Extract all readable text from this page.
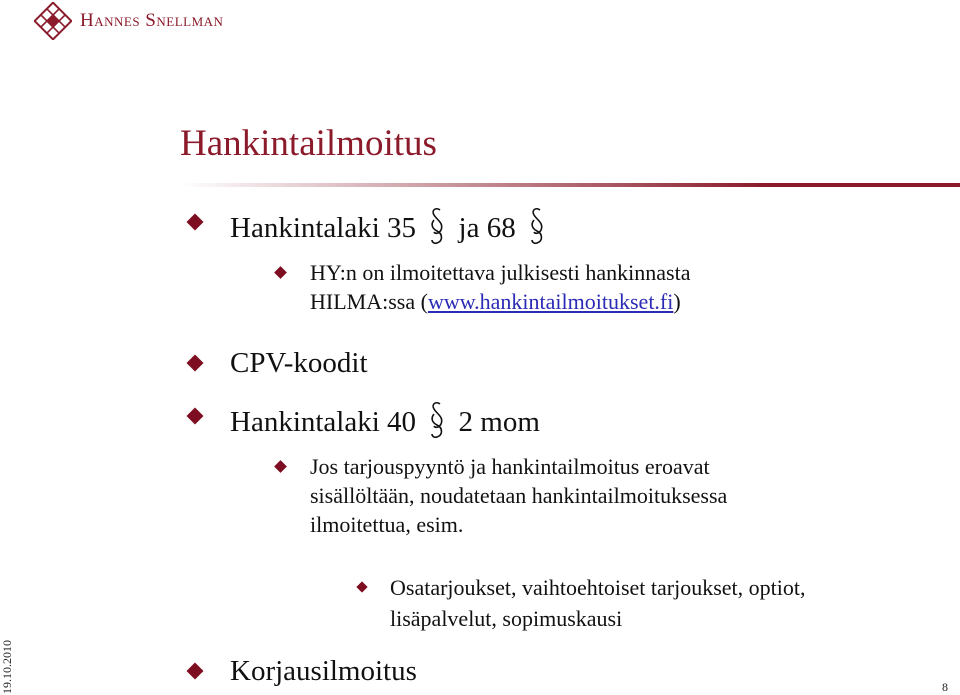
Hannes Snellman
Hankintailmoitus
Hankintalaki 35 ja 68
HY:n on ilmoitettava julkisesti hankinnasta
HILMA:ssa (www.hankintailmoitukset.fi)
CPV-koodit
Hankintalaki 40 2 mom
Jos tarjouspyyntö ja hankintailmoitus eroavat
sisällöltään, noudatetaan hankintailmoituksessa
ilmoitettua, esim.
Osatarjoukset, vaihtoehtoiset tarjoukset, optiot,
lisäpalvelut, sopimuskausi
Korjausilmoitus
19.10.2010	8
